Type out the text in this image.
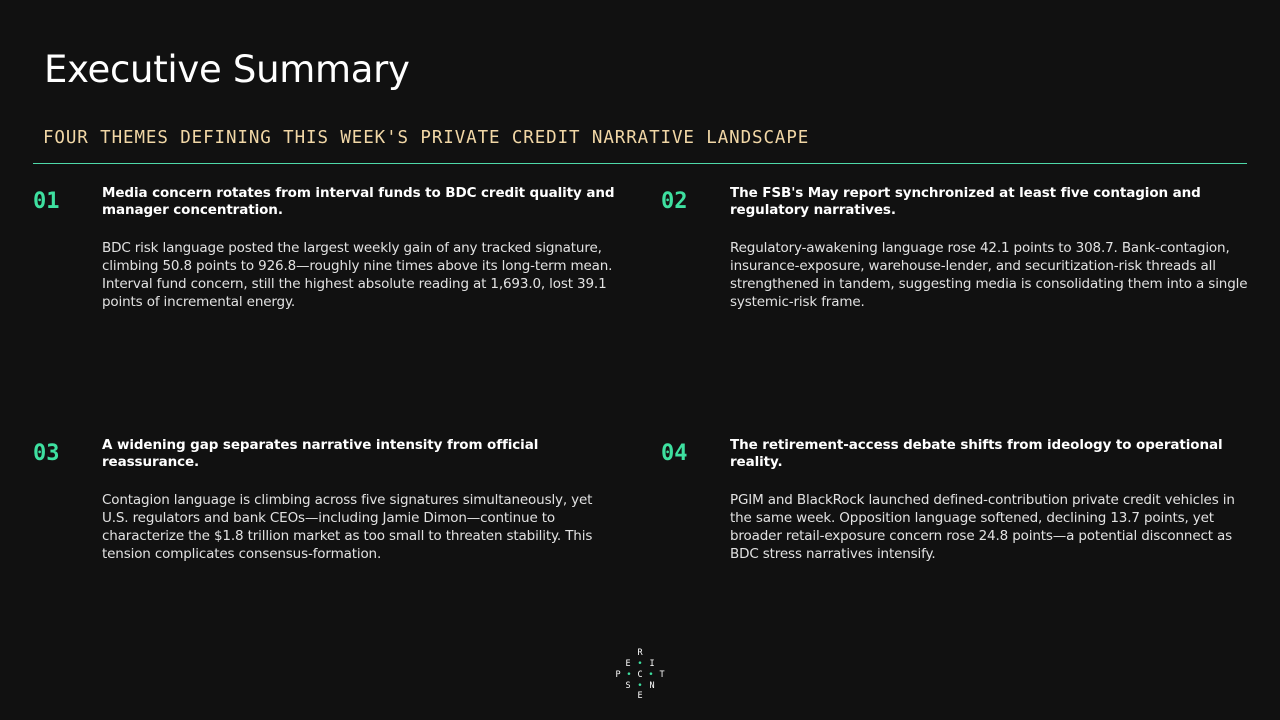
Executive Summary
FOUR THEMES DEFINING THIS WEEK'S PRIVATE CREDIT NARRATIVE LANDSCAPE
01	Media concern rotates from interval funds to BDC credit quality and manager concentration.
BDC risk language posted the largest weekly gain of any tracked signature, climbing 50.8 points to 926.8—roughly nine times above its long-term mean. Interval fund concern, still the highest absolute reading at 1,693.0, lost 39.1 points of incremental energy.
02	The FSB's May report synchronized at least five contagion and regulatory narratives.
Regulatory-awakening language rose 42.1 points to 308.7. Bank-contagion, insurance-exposure, warehouse-lender, and securitization-risk threads all strengthened in tandem, suggesting media is consolidating them into a single systemic-risk frame.
03	A widening gap separates narrative intensity from official reassurance.
Contagion language is climbing across five signatures simultaneously, yet U.S. regulators and bank CEOs—including Jamie Dimon—continue to characterize the $1.8 trillion market as too small to threaten stability. This tension complicates consensus-formation.
04	The retirement-access debate shifts from ideology to operational reality.
PGIM and BlackRock launched defined-contribution private credit vehicles in the same week. Opposition language softened, declining 13.7 points, yet broader retail-exposure concern rose 24.8 points—a potential disconnect as BDC stress narratives intensify.
R
E • I
P • C • T
S • N
E
